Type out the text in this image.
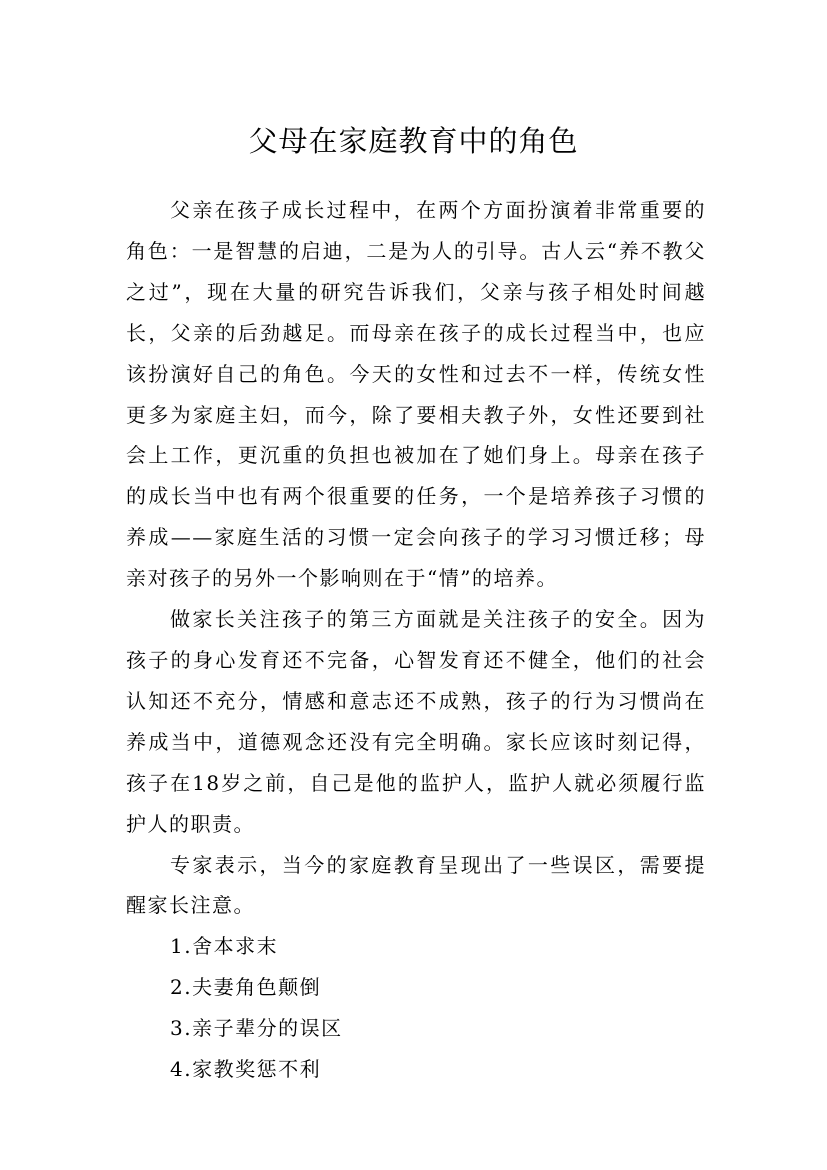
父母在家庭教育中的角色

父亲在孩子成长过程中，在两个方面扮演着非常重要的角色：一是智慧的启迪，二是为人的引导。古人云“养不教父之过”，现在大量的研究告诉我们，父亲与孩子相处时间越长，父亲的后劲越足。而母亲在孩子的成长过程当中，也应该扮演好自己的角色。今天的女性和过去不一样，传统女性更多为家庭主妇，而今，除了要相夫教子外，女性还要到社会上工作，更沉重的负担也被加在了她们身上。母亲在孩子的成长当中也有两个很重要的任务，一个是培养孩子习惯的养成——家庭生活的习惯一定会向孩子的学习习惯迁移；母亲对孩子的另外一个影响则在于“情”的培养。

做家长关注孩子的第三方面就是关注孩子的安全。因为孩子的身心发育还不完备，心智发育还不健全，他们的社会认知还不充分，情感和意志还不成熟，孩子的行为习惯尚在养成当中，道德观念还没有完全明确。家长应该时刻记得，孩子在18岁之前，自己是他的监护人，监护人就必须履行监护人的职责。

专家表示，当今的家庭教育呈现出了一些误区，需要提醒家长注意。

1.舍本求末

2.夫妻角色颠倒

3.亲子辈分的误区

4.家教奖惩不利
